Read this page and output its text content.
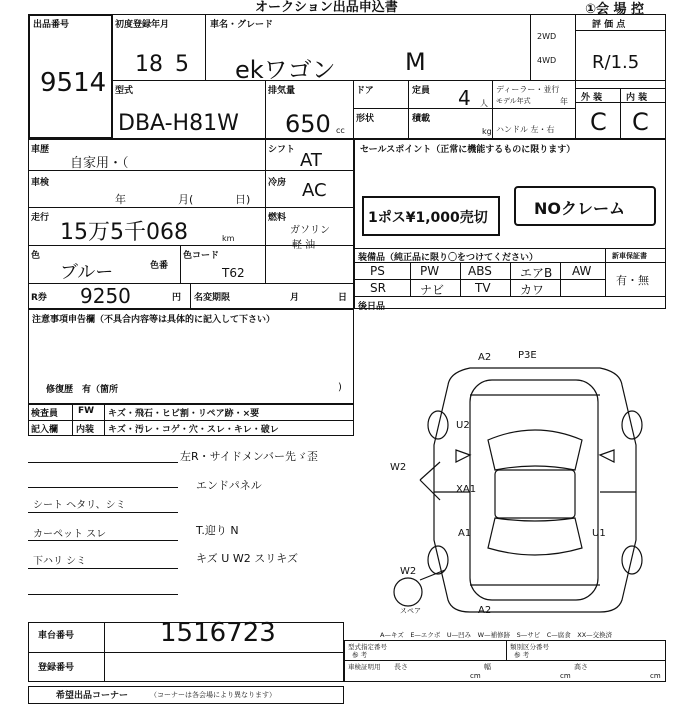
オークション出品申込書	①会 場 控
出品番号
9514
初度登録年月
18 5
車名・グレード
ekワゴン	M
2WD
4WD
評 価 点
R/1.5
型式
DBA-H81W
排気量
650 cc
ドア	定員 4 人
ディーラー・並行
モデル年式	年
形状	積載
kg ハンドル 左・右
外 装	内 装
C C
車歴
自家用・（
シフト AT
車検
年	月(	日)
冷房 AC
走行
15万5千068	km
燃料
ガソリン
軽 油
色
ブルー	色番
色コード
T62
R券 9250	円 名変期限	月	日
セールスポイント（正常に機能するものに限ります）
1ポス¥1,000売切	NOクレーム
装備品（純正品に限り〇をつけてください）	新車保証書
PS	PW ABS エアB AW
SR	ナビ	TV カワ
有・無
後日品
注意事項申告欄（不具合内容等は具体的に記入して下さい）
修復歴　有（箇所	)
検査員
記入欄
FW キズ・飛石・ヒビ割・リペア跡・×要
内装 キズ・汚レ・コゲ・穴・スレ・キレ・破レ
左R・サイドメンバー先ゞ歪
エンドパネル
シート ヘタリ、シミ
カーペット スレ
下ハリ シミ
T.迎り N
キズ U W2 スリキズ
A2	P3E
U2
W2
XA1
A1	U1
W2
A2
スペア
A—キズ　E—エクボ　U—凹み　W—補修跡　S—サビ　C—腐食　XX—交換済
車台番号	1516723
登録番号
型式指定番号
参 考
類別区分番号
参 考
車検証明用 長さ
cm
幅
cm
高さ
cm
希望出品コーナー	（コーナーは各会場により異なります）
